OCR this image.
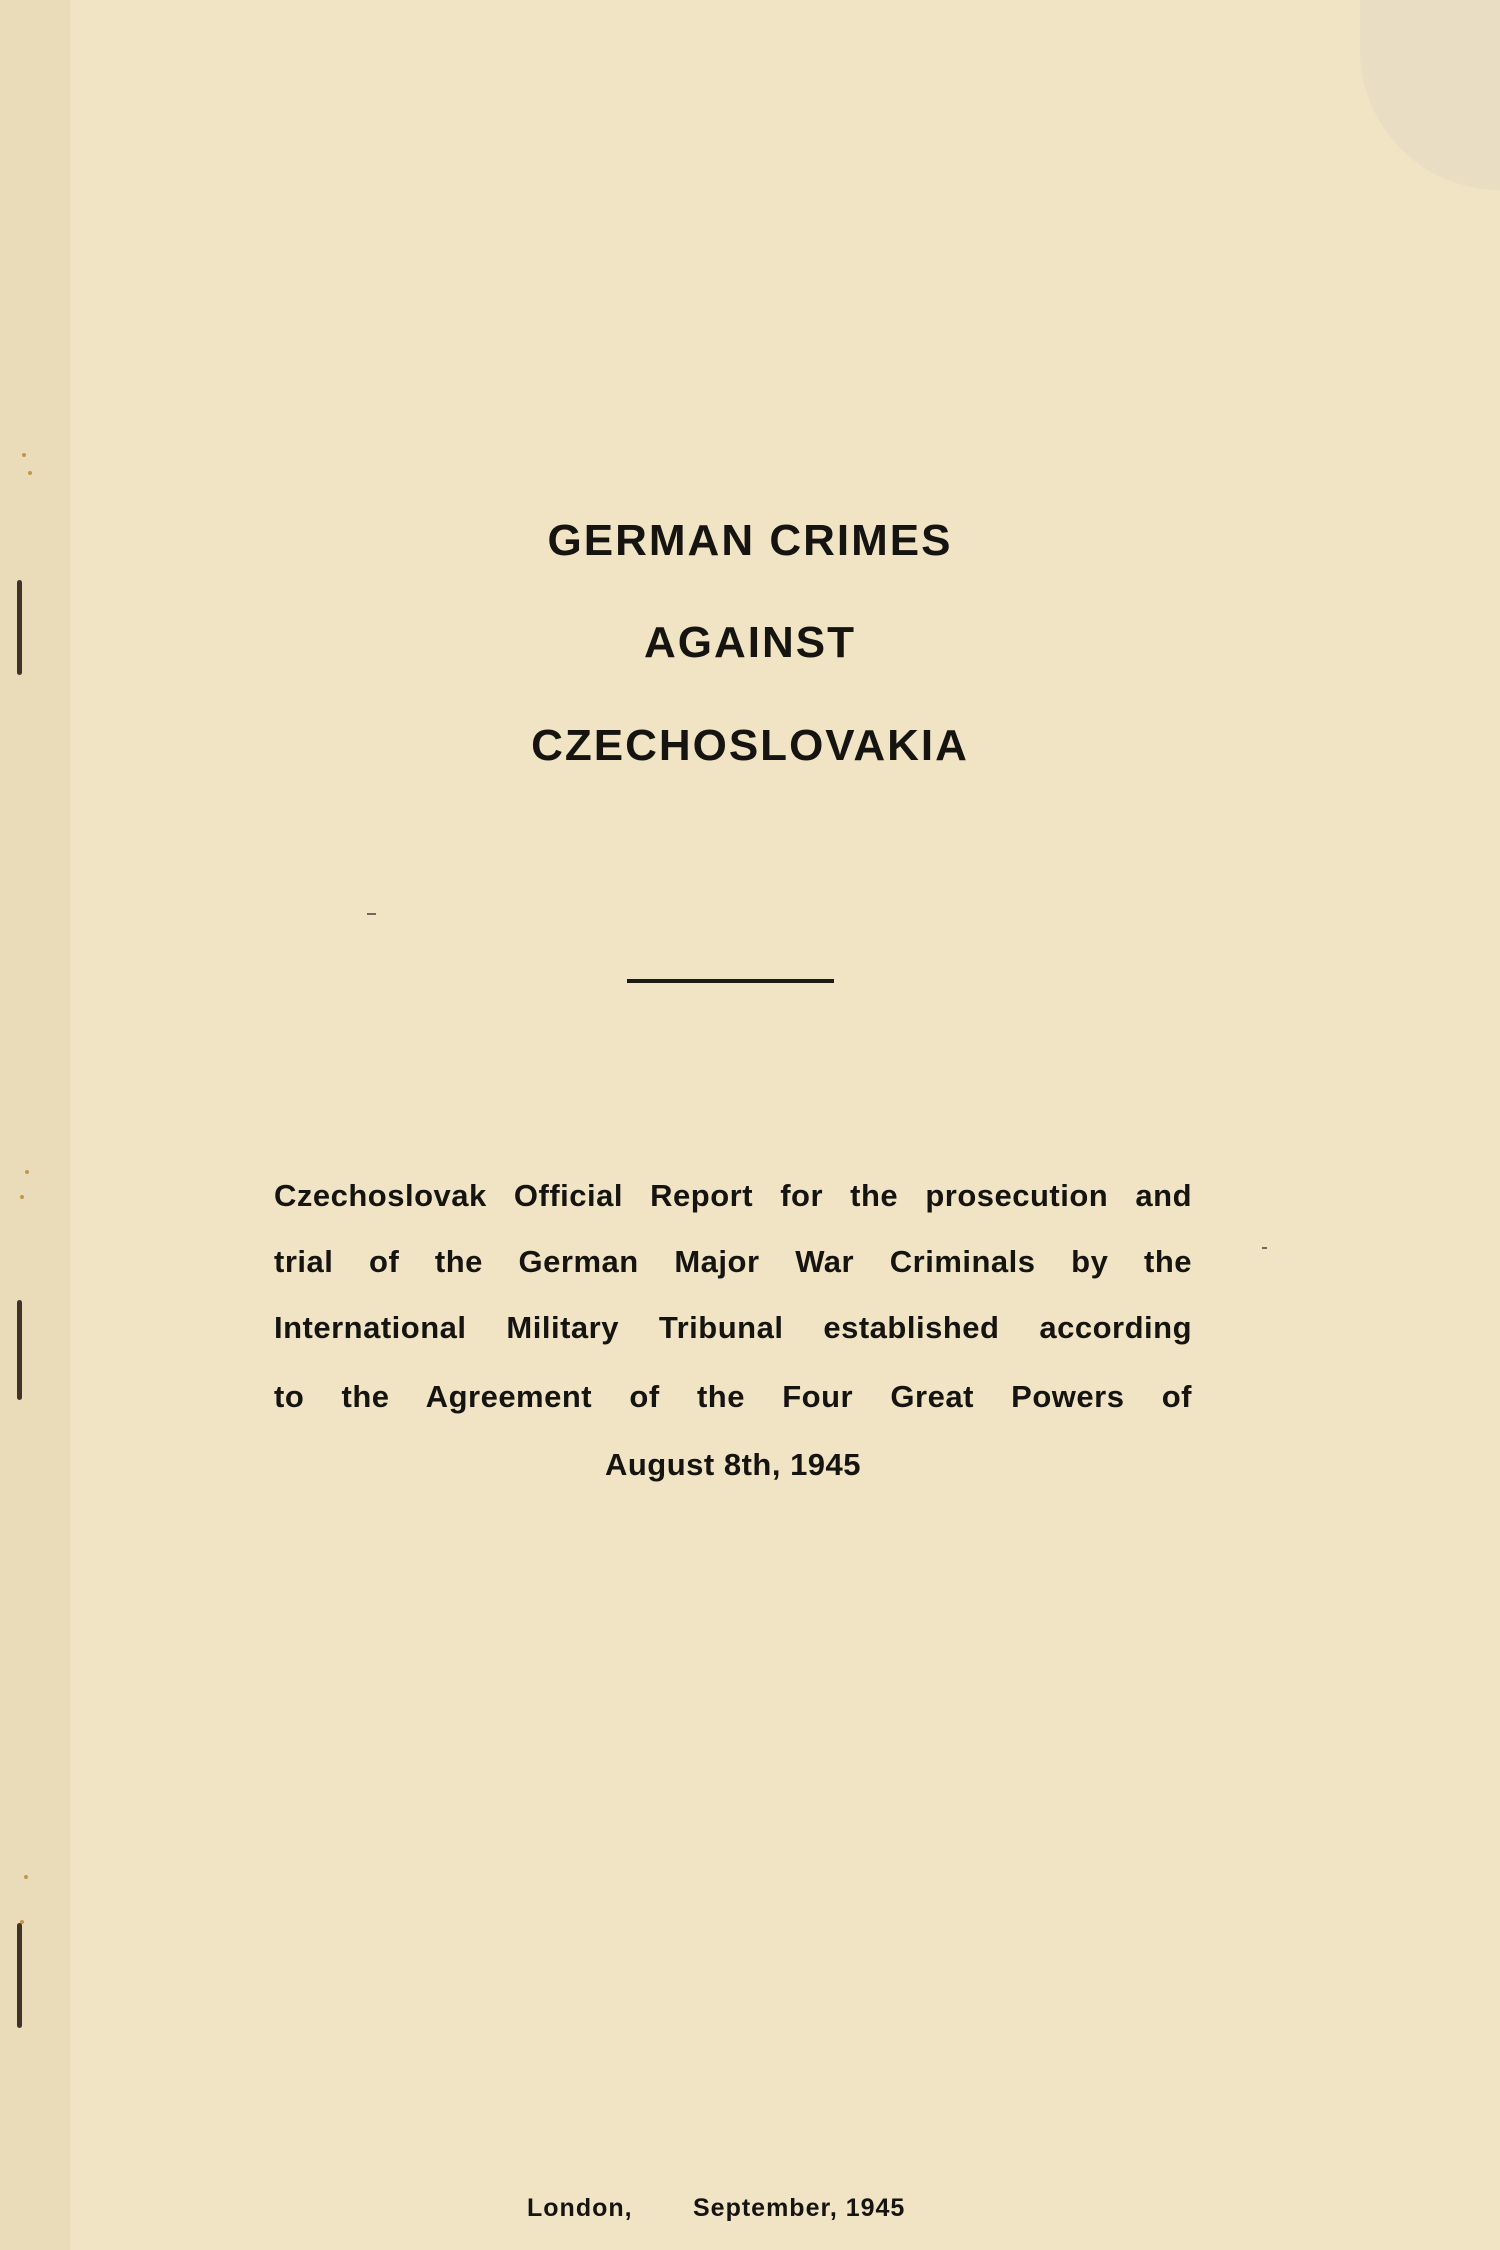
GERMAN CRIMES
AGAINST
CZECHOSLOVAKIA

Czechoslovak Official Report for the prosecution and

trial of the German Major War Criminals by the

International Military Tribunal established according

to the Agreement of the Four Great Powers of

August 8th, 1945

London, September, 1945
